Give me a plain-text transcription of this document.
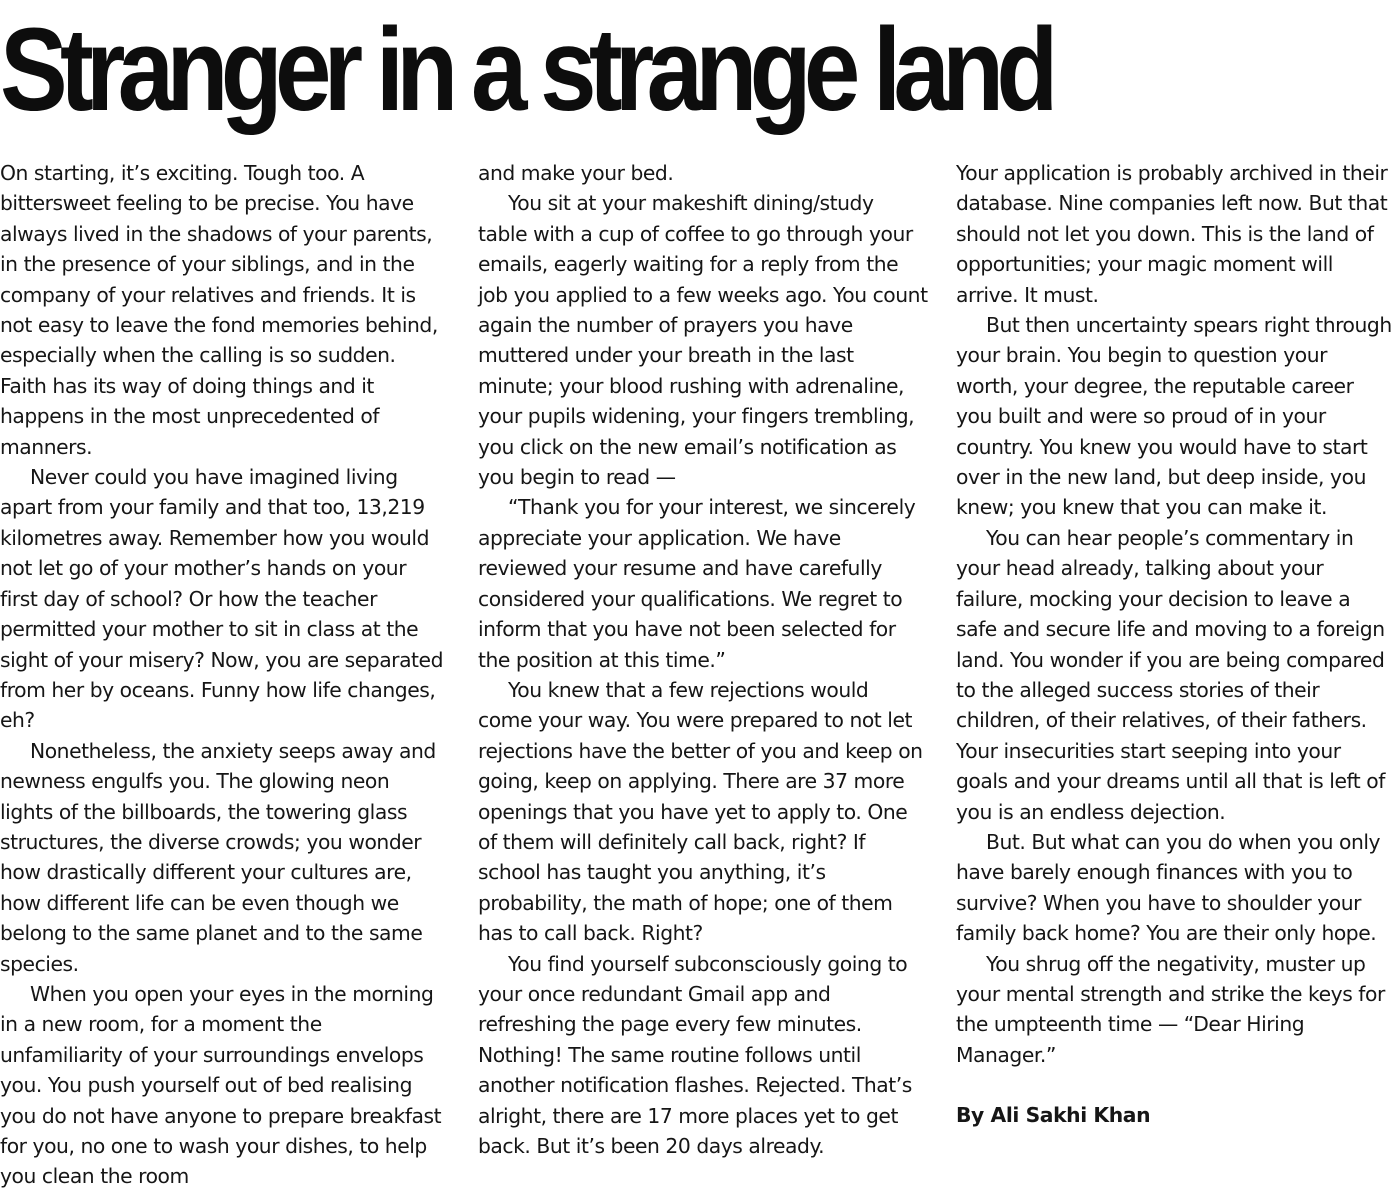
Stranger in a strange land

On starting, it’s exciting. Tough too. A bittersweet feeling to be precise. You have always lived in the shadows of your parents, in the presence of your siblings, and in the company of your relatives and friends. It is not easy to leave the fond memories behind, especially when the calling is so sudden. Faith has its way of doing things and it happens in the most unprecedented of manners.

Never could you have imagined living apart from your family and that too, 13,219 kilometres away. Remember how you would not let go of your mother’s hands on your first day of school? Or how the teacher permitted your mother to sit in class at the sight of your misery? Now, you are separated from her by oceans. Funny how life changes, eh?

Nonetheless, the anxiety seeps away and newness engulfs you. The glowing neon lights of the billboards, the towering glass structures, the diverse crowds; you wonder how drastically different your cultures are, how different life can be even though we belong to the same planet and to the same species.

When you open your eyes in the morning in a new room, for a moment the unfamiliarity of your surroundings envelops you. You push yourself out of bed realising you do not have anyone to prepare breakfast for you, no one to wash your dishes, to help you clean the room

and make your bed.

You sit at your makeshift dining/study table with a cup of coffee to go through your emails, eagerly waiting for a reply from the job you applied to a few weeks ago. You count again the number of prayers you have muttered under your breath in the last minute; your blood rushing with adrenaline, your pupils widening, your fingers trembling, you click on the new email’s notification as you begin to read —

“Thank you for your interest, we sincerely appreciate your application. We have reviewed your resume and have carefully considered your qualifications. We regret to inform that you have not been selected for the position at this time.”

You knew that a few rejections would come your way. You were prepared to not let rejections have the better of you and keep on going, keep on applying. There are 37 more openings that you have yet to apply to. One of them will definitely call back, right? If school has taught you anything, it’s probability, the math of hope; one of them has to call back. Right?

You find yourself subconsciously going to your once redundant Gmail app and refreshing the page every few minutes. Nothing! The same routine follows until another notification flashes. Rejected. That’s alright, there are 17 more places yet to get back. But it’s been 20 days already.

Your application is probably archived in their database. Nine companies left now. But that should not let you down. This is the land of opportunities; your magic moment will arrive. It must.

But then uncertainty spears right through your brain. You begin to question your worth, your degree, the reputable career you built and were so proud of in your country. You knew you would have to start over in the new land, but deep inside, you knew; you knew that you can make it.

You can hear people’s commentary in your head already, talking about your failure, mocking your decision to leave a safe and secure life and moving to a foreign land. You wonder if you are being compared to the alleged success stories of their children, of their relatives, of their fathers. Your insecurities start seeping into your goals and your dreams until all that is left of you is an endless dejection.

But. But what can you do when you only have barely enough finances with you to survive? When you have to shoulder your family back home? You are their only hope.

You shrug off the negativity, muster up your mental strength and strike the keys for the umpteenth time — “Dear Hiring Manager.”

By Ali Sakhi Khan
